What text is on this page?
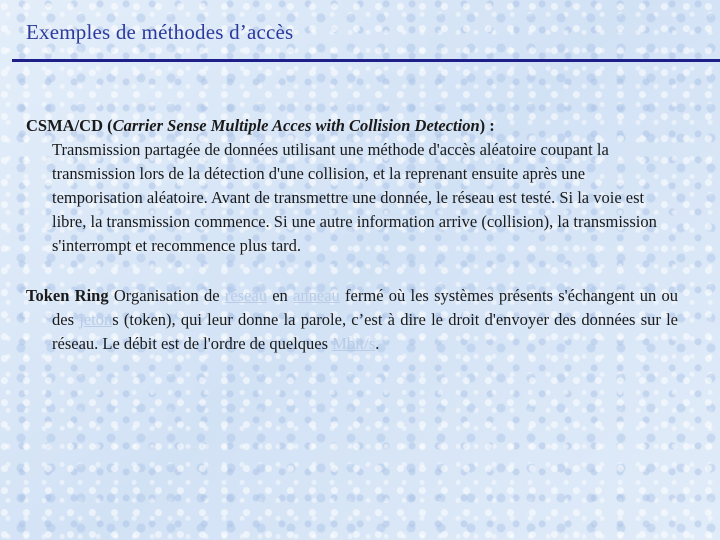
Exemples de méthodes d’accès

CSMA/CD (Carrier Sense Multiple Acces with Collision Detection) :
Transmission partagée de données utilisant une méthode d'accès aléatoire coupant la transmission lors de la détection d'une collision, et la reprenant ensuite après une temporisation aléatoire. Avant de transmettre une donnée, le réseau est testé. Si la voie est libre, la transmission commence. Si une autre information arrive (collision), la transmission s'interrompt et recommence plus tard.

Token Ring Organisation de réseau en anneau fermé où les systèmes présents s'échangent un ou des jetons (token), qui leur donne la parole, c’est à dire le droit d'envoyer des données sur le réseau. Le débit est de l'ordre de quelques Mbit/s.
